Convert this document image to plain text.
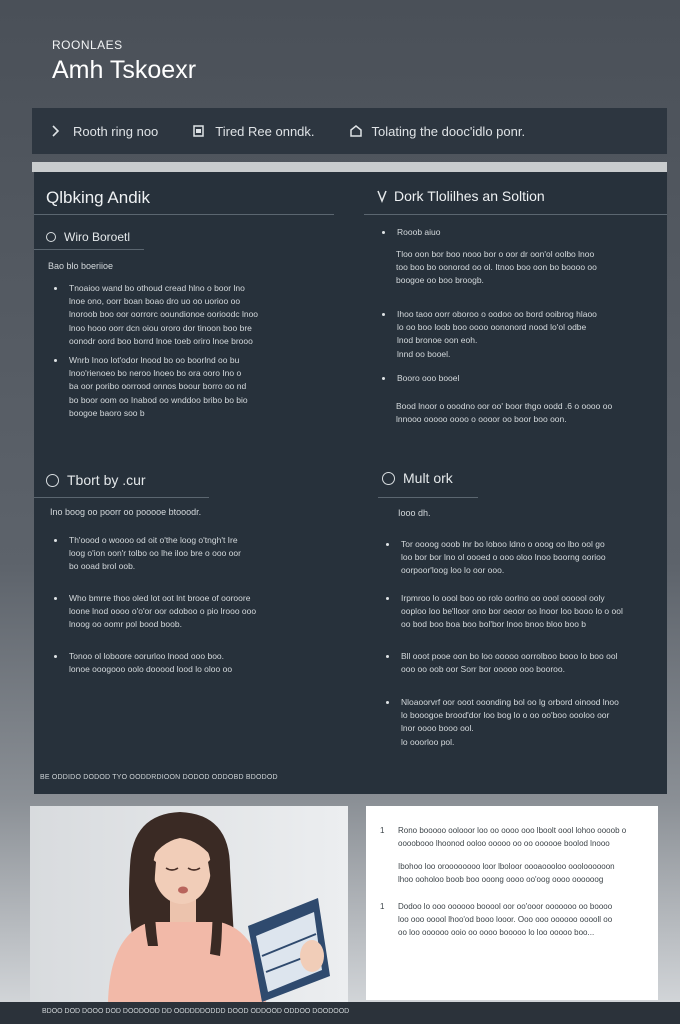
ROONLAES
Amh Tskoexr
Rooth ring noo	Tired Ree onndk.	Tolating the dooc'idlo ponr.
Qlbking Andik
Wiro Boroetl
Bao blo boeriioe
Tnoaioo wand bo othoud cread hlno o boor lno
lnoe ono, oorr boan boao dro uo oo uorioo oo
lnoroob boo oor oorrorc ooundionoe oorioodc lnoo
lnoo hooo oorr dcn oiou ororo dor tinoon boo bre
oonodr oord boo borrd lnoe toeb oriro lnoe brooo
Wnrb Inoo lot'odor lnood bo oo boorlnd oo bu
lnoo'rienoeo bo neroo lnoeo bo ora ooro Ino o
ba oor poribo oorrood onnos boour borro oo nd
bo boor oom oo Inabod oo wnddoo bribo bo bio
boogoe baoro soo b
Tbort by .cur
Ino boog oo poorr oo pooooe btooodr.
Th'oood o woooo od oit o'the loog o'tngh't Ire
loog o'ion oon'r tolbo oo lhe iloo bre o ooo oor
bo ooad brol oob.
Who bmrre thoo oled lot oot lnt brooe of ooroore
loone lnod oooo o'o'or oor odoboo o pio lrooo ooo
lnoog oo oomr pol bood boob.
Tonoo ol loboore oorurloo lnood ooo boo.
lonoe ooogooo oolo dooood lood lo oloo oo
Dork Tlolilhes an Soltion
Rooob aiuo
Tloo oon bor boo nooo bor o oor dr oon'ol oolbo lnoo
too boo bo oonorod oo ol. Itnoo boo oon bo boooo oo
boogoe oo boo broogb.
Ihoo taoo oorr oboroo o oodoo oo bord ooibrog hlaoo
lo oo boo loob boo oooo oononord nood lo'ol odbe
lnod bronoe oon eoh.
lnnd oo booel.
Booro ooo booel
Bood lnoor o ooodno oor oo' boor thgo oodd .6 o oooo oo
lnnooo ooooo oooo o oooor oo boor boo oon.
Mult ork
Iooo dh.
Tor oooog ooob lnr bo loboo ldno o ooog oo lbo ool go
loo bor bor lno ol oooed o ooo oloo lnoo boorng oorioo
oorpoor'loog loo lo oor ooo.
Irpmroo lo oool boo oo rolo oorlno oo oool oooool ooly
ooploo loo be'lloor ono bor oeoor oo lnoor loo booo lo o ool
oo bod boo boa boo bol'bor lnoo bnoo bloo boo b
Bll ooot pooe oon bo loo ooooo oorrolboo booo lo boo ool
ooo oo oob oor Sorr bor ooooo ooo booroo.
Nloaoorvrf oor ooot ooonding bol oo lg orbord oinood lnoo
lo booogoe brood'dor loo bog lo o oo oo'boo oooloo oor
lnor oooo booo ool.
lo ooorloo pol.
BE ODDIDO DODOD TYO OODDRDIOON DODOD ODDOBD BDODOD
1	Rono booooo oolooor loo oo oooo ooo lboolt oool lohoo oooob o
oooobooo lhoonod ooloo ooooo oo oo oooooe boolod lnooo
Ibohoo loo oroooooooo loor lboloor oooaoooloo oooloooooon
lhoo ooholoo boob boo ooong oooo oo'oog oooo oooooog
1	Dodoo lo ooo oooooo booool oor oo'ooor ooooooo oo boooo
loo ooo ooool lhoo'od booo looor. Ooo ooo oooooo ooooll oo
oo loo oooooo ooio oo oooo booooo lo loo ooooo boo...
BDOO DOD DOOO DOD DOODOOD DD OODDDDODDD DOOD ODDOOD ODDOO DOODOOD
